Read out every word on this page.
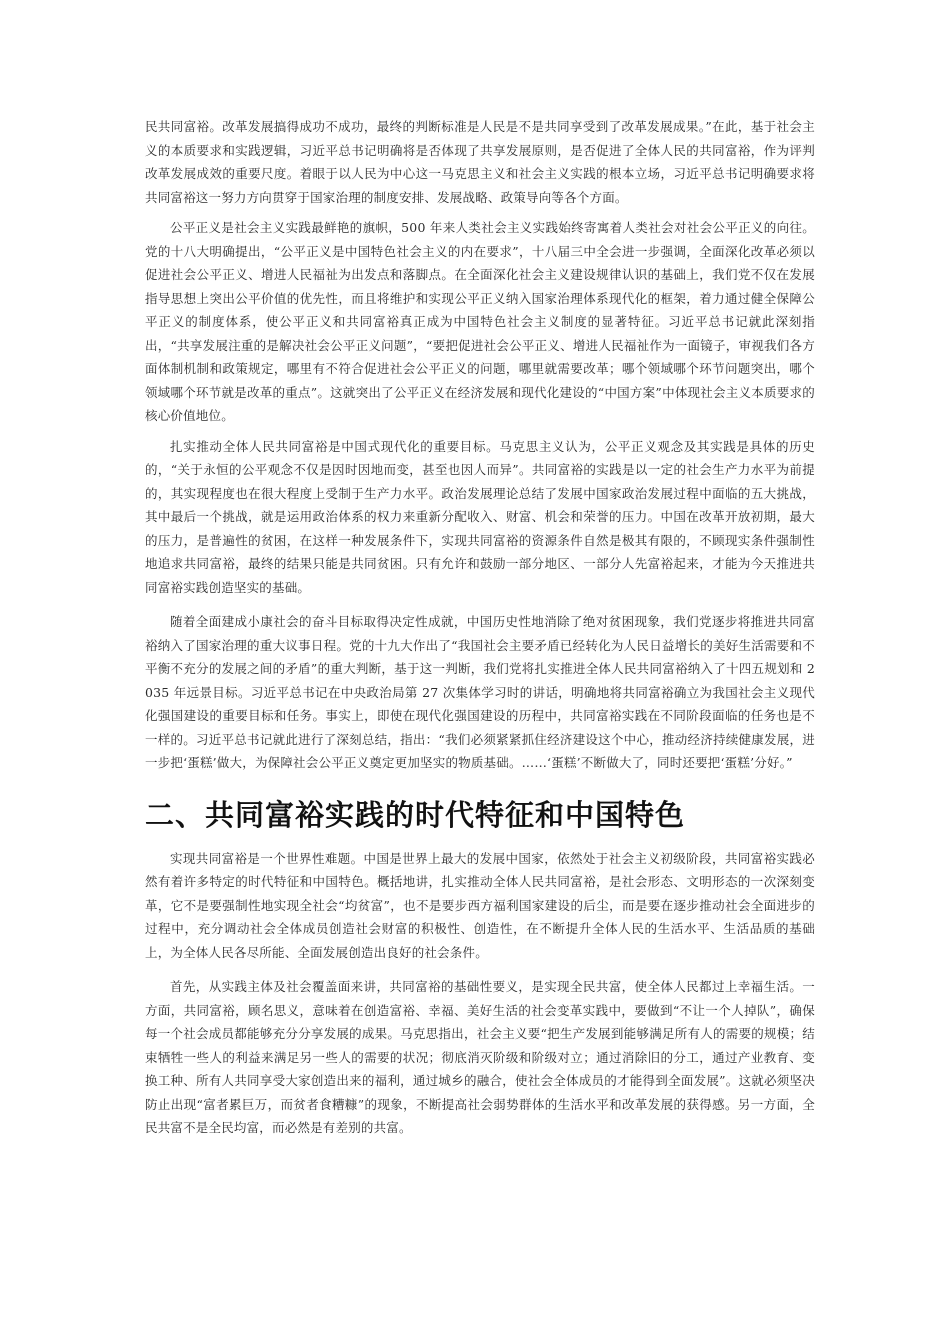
民共同富裕。改革发展搞得成功不成功，最终的判断标准是人民是不是共同享受到了改革发展成果。”在此，基于社会主义的本质要求和实践逻辑，习近平总书记明确将是否体现了共享发展原则，是否促进了全体人民的共同富裕，作为评判改革发展成效的重要尺度。着眼于以人民为中心这一马克思主义和社会主义实践的根本立场，习近平总书记明确要求将共同富裕这一努力方向贯穿于国家治理的制度安排、发展战略、政策导向等各个方面。

公平正义是社会主义实践最鲜艳的旗帜，500 年来人类社会主义实践始终寄寓着人类社会对社会公平正义的向往。党的十八大明确提出，“公平正义是中国特色社会主义的内在要求”，十八届三中全会进一步强调，全面深化改革必须以促进社会公平正义、增进人民福祉为出发点和落脚点。在全面深化社会主义建设规律认识的基础上，我们党不仅在发展指导思想上突出公平价值的优先性，而且将维护和实现公平正义纳入国家治理体系现代化的框架，着力通过健全保障公平正义的制度体系，使公平正义和共同富裕真正成为中国特色社会主义制度的显著特征。习近平总书记就此深刻指出，“共享发展注重的是解决社会公平正义问题”，“要把促进社会公平正义、增进人民福祉作为一面镜子，审视我们各方面体制机制和政策规定，哪里有不符合促进社会公平正义的问题，哪里就需要改革；哪个领域哪个环节问题突出，哪个领域哪个环节就是改革的重点”。这就突出了公平正义在经济发展和现代化建设的“中国方案”中体现社会主义本质要求的核心价值地位。

扎实推动全体人民共同富裕是中国式现代化的重要目标。马克思主义认为，公平正义观念及其实践是具体的历史的，“关于永恒的公平观念不仅是因时因地而变，甚至也因人而异”。共同富裕的实践是以一定的社会生产力水平为前提的，其实现程度也在很大程度上受制于生产力水平。政治发展理论总结了发展中国家政治发展过程中面临的五大挑战，其中最后一个挑战，就是运用政治体系的权力来重新分配收入、财富、机会和荣誉的压力。中国在改革开放初期，最大的压力，是普遍性的贫困，在这样一种发展条件下，实现共同富裕的资源条件自然是极其有限的，不顾现实条件强制性地追求共同富裕，最终的结果只能是共同贫困。只有允许和鼓励一部分地区、一部分人先富裕起来，才能为今天推进共同富裕实践创造坚实的基础。

随着全面建成小康社会的奋斗目标取得决定性成就，中国历史性地消除了绝对贫困现象，我们党逐步将推进共同富裕纳入了国家治理的重大议事日程。党的十九大作出了“我国社会主要矛盾已经转化为人民日益增长的美好生活需要和不平衡不充分的发展之间的矛盾”的重大判断，基于这一判断，我们党将扎实推进全体人民共同富裕纳入了十四五规划和 2035 年远景目标。习近平总书记在中央政治局第 27 次集体学习时的讲话，明确地将共同富裕确立为我国社会主义现代化强国建设的重要目标和任务。事实上，即使在现代化强国建设的历程中，共同富裕实践在不同阶段面临的任务也是不一样的。习近平总书记就此进行了深刻总结，指出：“我们必须紧紧抓住经济建设这个中心，推动经济持续健康发展，进一步把‘蛋糕’做大，为保障社会公平正义奠定更加坚实的物质基础。……‘蛋糕’不断做大了，同时还要把‘蛋糕’分好。”

二、共同富裕实践的时代特征和中国特色

实现共同富裕是一个世界性难题。中国是世界上最大的发展中国家，依然处于社会主义初级阶段，共同富裕实践必然有着许多特定的时代特征和中国特色。概括地讲，扎实推动全体人民共同富裕，是社会形态、文明形态的一次深刻变革，它不是要强制性地实现全社会“均贫富”，也不是要步西方福利国家建设的后尘，而是要在逐步推动社会全面进步的过程中，充分调动社会全体成员创造社会财富的积极性、创造性，在不断提升全体人民的生活水平、生活品质的基础上，为全体人民各尽所能、全面发展创造出良好的社会条件。

首先，从实践主体及社会覆盖面来讲，共同富裕的基础性要义，是实现全民共富，使全体人民都过上幸福生活。一方面，共同富裕，顾名思义，意味着在创造富裕、幸福、美好生活的社会变革实践中，要做到“不让一个人掉队”，确保每一个社会成员都能够充分分享发展的成果。马克思指出，社会主义要“把生产发展到能够满足所有人的需要的规模；结束牺牲一些人的利益来满足另一些人的需要的状况；彻底消灭阶级和阶级对立；通过消除旧的分工，通过产业教育、变换工种、所有人共同享受大家创造出来的福利，通过城乡的融合，使社会全体成员的才能得到全面发展”。这就必须坚决防止出现“富者累巨万，而贫者食糟糠”的现象，不断提高社会弱势群体的生活水平和改革发展的获得感。另一方面，全民共富不是全民均富，而必然是有差别的共富。
